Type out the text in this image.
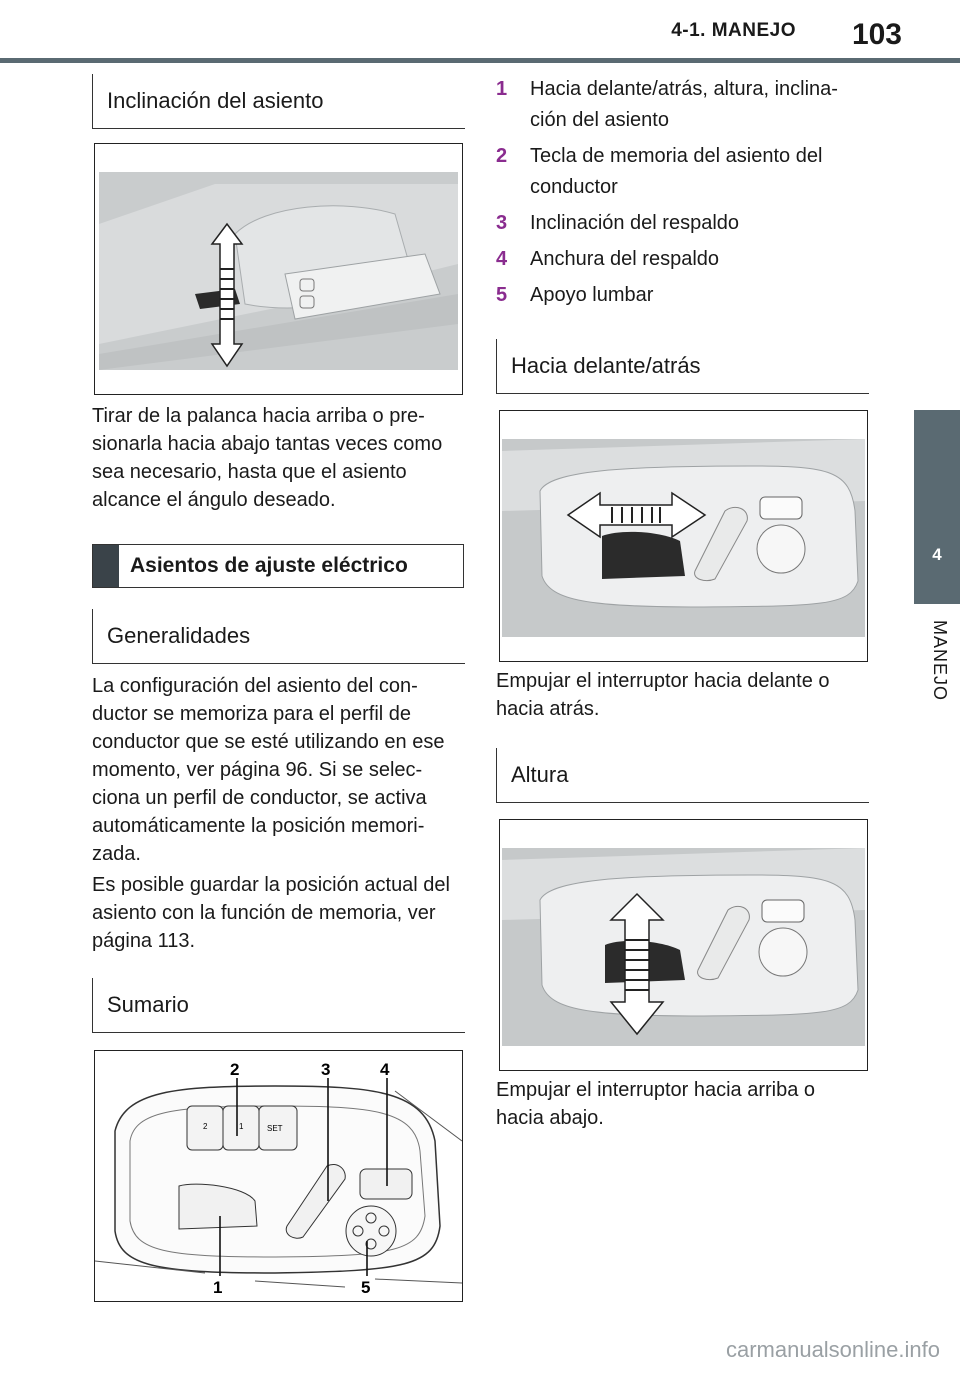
4-1. MANEJO 103
4
MANEJO
Inclinación del asiento
Tirar de la palanca hacia arriba o pre- sionarla hacia abajo tantas veces como sea necesario, hasta que el asiento alcance el ángulo deseado.
Asientos de ajuste eléctrico
Generalidades
La configuración del asiento del con- ductor se memoriza para el perfil de conductor que se esté utilizando en ese momento, ver página 96. Si se selec- ciona un perfil de conductor, se activa automáticamente la posición memori- zada.
Es posible guardar la posición actual del asiento con la función de memoria, ver página 113.
Sumario
2	1	SET
2	3	4
1	5
1	Hacia delante/atrás, altura, inclina- ción del asiento
2	Tecla de memoria del asiento del conductor
3	Inclinación del respaldo
4	Anchura del respaldo
5	Apoyo lumbar
Hacia delante/atrás
Empujar el interruptor hacia delante o hacia atrás.
Altura
Empujar el interruptor hacia arriba o hacia abajo.
carmanualsonline.info
